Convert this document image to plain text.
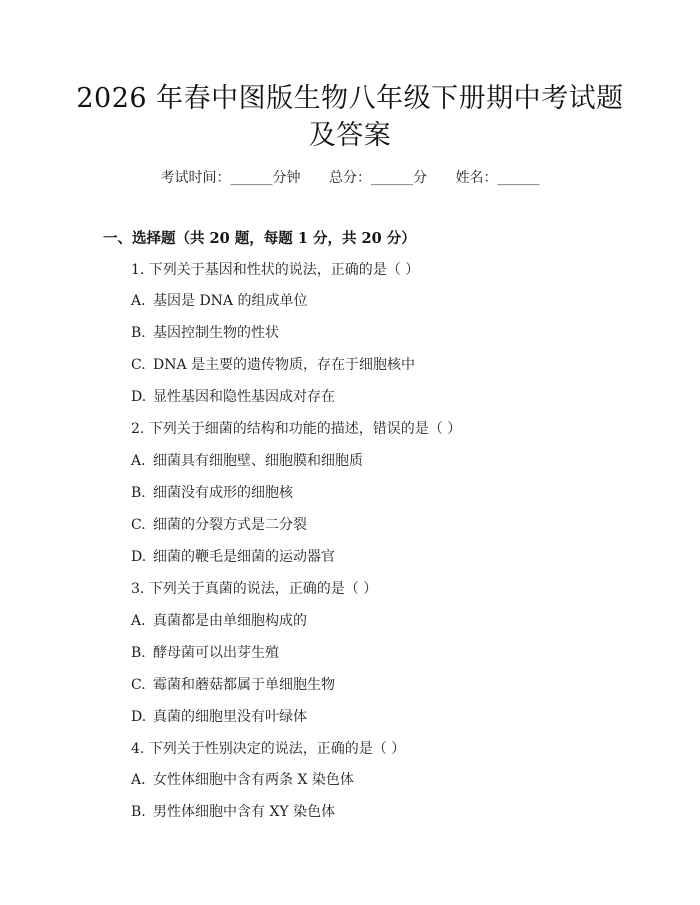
2026 年春中图版生物八年级下册期中考试题
及答案
考试时间：______分钟 总分：______分 姓名：______
一、选择题（共 20 题，每题 1 分，共 20 分）
1. 下列关于基因和性状的说法，正确的是（ ）
A. 基因是 DNA 的组成单位
B. 基因控制生物的性状
C. DNA 是主要的遗传物质，存在于细胞核中
D. 显性基因和隐性基因成对存在
2. 下列关于细菌的结构和功能的描述，错误的是（ ）
A. 细菌具有细胞壁、细胞膜和细胞质
B. 细菌没有成形的细胞核
C. 细菌的分裂方式是二分裂
D. 细菌的鞭毛是细菌的运动器官
3. 下列关于真菌的说法，正确的是（ ）
A. 真菌都是由单细胞构成的
B. 酵母菌可以出芽生殖
C. 霉菌和蘑菇都属于单细胞生物
D. 真菌的细胞里没有叶绿体
4. 下列关于性别决定的说法，正确的是（ ）
A. 女性体细胞中含有两条 X 染色体
B. 男性体细胞中含有 XY 染色体
